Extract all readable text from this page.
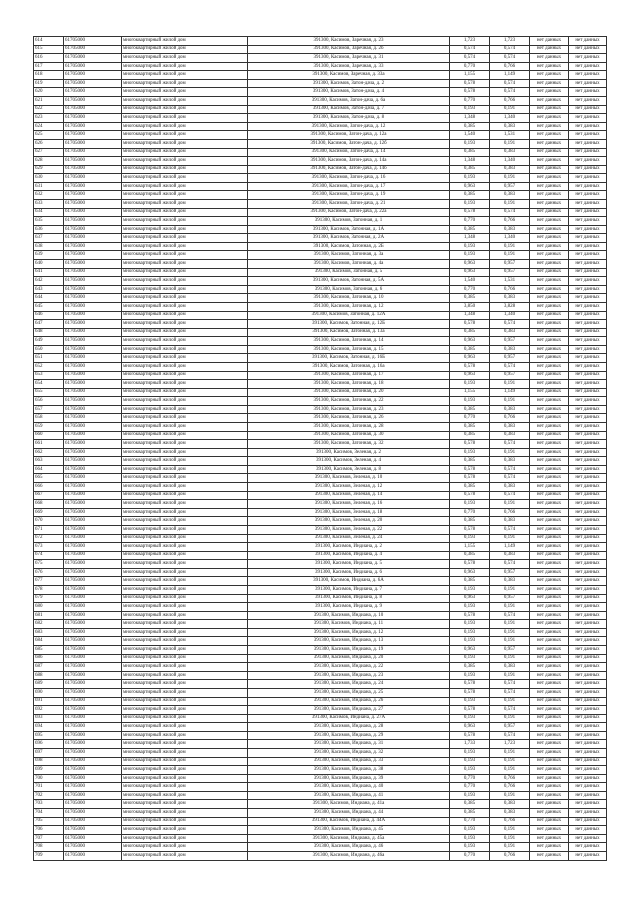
614	61705000	многоквартирный жилой дом	391300, Касимов, Заречная, д. 23	1,723	1,723	нет данных	нет данных
615	61705000	многоквартирный жилой дом	391300, Касимов, Заречная, д. 2б	0,574	0,574	нет данных	нет данных
616	61705000	многоквартирный жилой дом	391300, Касимов, Заречная, д. 31	0,574	0,574	нет данных	нет данных
617	61705000	многоквартирный жилой дом	391300, Касимов, Заречная, д. 33	0,770	0,766	нет данных	нет данных
618	61705000	многоквартирный жилой дом	391300, Касимов, Заречная, д. 33а	1,155	1,149	нет данных	нет данных
619	61705000	многоквартирный жилой дом	391300, Касимов, Затон-дача, д. 2	0,578	0,574	нет данных	нет данных
620	61705000	многоквартирный жилой дом	391300, Касимов, Затон-дача, д. 4	0,578	0,574	нет данных	нет данных
621	61705000	многоквартирный жилой дом	391300, Касимов, Затон-дача, д. 6а	0,770	0,766	нет данных	нет данных
622	61705000	многоквартирный жилой дом	391300, Касимов, Затон-дача, д. 7	0,193	0,191	нет данных	нет данных
623	61705000	многоквартирный жилой дом	391300, Касимов, Затон-дача, д. 8	1,348	1,340	нет данных	нет данных
624	61705000	многоквартирный жилой дом	391300, Касимов, Затон-дача, д. 12	0,385	0,383	нет данных	нет данных
625	61705000	многоквартирный жилой дом	391300, Касимов, Затон-дача, д. 12а	1,540	1,531	нет данных	нет данных
626	61705000	многоквартирный жилой дом	391300, Касимов, Затон-дача, д. 12б	0,193	0,191	нет данных	нет данных
627	61705000	многоквартирный жилой дом	391300, Касимов, Затон-дача, д. 14	0,385	0,383	нет данных	нет данных
628	61705000	многоквартирный жилой дом	391300, Касимов, Затон-дача, д. 14а	1,348	1,340	нет данных	нет данных
629	61705000	многоквартирный жилой дом	391300, Касимов, Затон-дача, д. 14б	0,385	0,383	нет данных	нет данных
630	61705000	многоквартирный жилой дом	391300, Касимов, Затон-дача, д. 16	0,193	0,191	нет данных	нет данных
631	61705000	многоквартирный жилой дом	391300, Касимов, Затон-дача, д. 17	0,963	0,957	нет данных	нет данных
632	61705000	многоквартирный жилой дом	391300, Касимов, Затон-дача, д. 19	0,385	0,383	нет данных	нет данных
633	61705000	многоквартирный жилой дом	391300, Касимов, Затон-дача, д. 21	0,193	0,191	нет данных	нет данных
634	61705000	многоквартирный жилой дом	391300, Касимов, Затон-дача, д. 22а	0,578	0,574	нет данных	нет данных
635	61705000	многоквартирный жилой дом	391300, Касимов, Затонная, д. 1	0,770	0,766	нет данных	нет данных
636	61705000	многоквартирный жилой дом	391300, Касимов, Затонная, д. 1А	0,385	0,383	нет данных	нет данных
637	61705000	многоквартирный жилой дом	391300, Касимов, Затонная, д. 2А	1,348	1,340	нет данных	нет данных
638	61705000	многоквартирный жилой дом	391300, Касимов, Затонная, д. 2Б	0,193	0,191	нет данных	нет данных
639	61705000	многоквартирный жилой дом	391300, Касимов, Затонная, д. 3а	0,193	0,191	нет данных	нет данных
640	61705000	многоквартирный жилой дом	391300, Касимов, Затонная, д. 4а	0,963	0,957	нет данных	нет данных
641	61705000	многоквартирный жилой дом	391300, Касимов, Затонная, д. 5	0,963	0,957	нет данных	нет данных
642	61705000	многоквартирный жилой дом	391300, Касимов, Затонная, д. 5А	1,540	1,531	нет данных	нет данных
643	61705000	многоквартирный жилой дом	391300, Касимов, Затонная, д. 6	0,770	0,766	нет данных	нет данных
644	61705000	многоквартирный жилой дом	391300, Касимов, Затонная, д. 10	0,385	0,383	нет данных	нет данных
645	61705000	многоквартирный жилой дом	391300, Касимов, Затонная, д. 12	3,850	3,828	нет данных	нет данных
646	61705000	многоквартирный жилой дом	391300, Касимов, Затонная, д. 12А	1,348	1,340	нет данных	нет данных
647	61705000	многоквартирный жилой дом	391300, Касимов, Затонная, д. 12Б	0,578	0,574	нет данных	нет данных
648	61705000	многоквартирный жилой дом	391300, Касимов, Затонная, д. 13а	0,385	0,383	нет данных	нет данных
649	61705000	многоквартирный жилой дом	391300, Касимов, Затонная, д. 14	0,963	0,957	нет данных	нет данных
650	61705000	многоквартирный жилой дом	391300, Касимов, Затонная, д. 15	0,385	0,383	нет данных	нет данных
651	61705000	многоквартирный жилой дом	391300, Касимов, Затонная, д. 16Б	0,963	0,957	нет данных	нет данных
652	61705000	многоквартирный жилой дом	391300, Касимов, Затонная, д. 16а	0,578	0,574	нет данных	нет данных
653	61705000	многоквартирный жилой дом	391300, Касимов, Затонная, д. 17	0,963	0,957	нет данных	нет данных
654	61705000	многоквартирный жилой дом	391300, Касимов, Затонная, д. 18	0,193	0,191	нет данных	нет данных
655	61705000	многоквартирный жилой дом	391300, Касимов, Затонная, д. 20	1,155	1,149	нет данных	нет данных
656	61705000	многоквартирный жилой дом	391300, Касимов, Затонная, д. 22	0,193	0,191	нет данных	нет данных
657	61705000	многоквартирный жилой дом	391300, Касимов, Затонная, д. 23	0,385	0,383	нет данных	нет данных
658	61705000	многоквартирный жилой дом	391300, Касимов, Затонная, д. 26	0,770	0,766	нет данных	нет данных
659	61705000	многоквартирный жилой дом	391300, Касимов, Затонная, д. 28	0,385	0,383	нет данных	нет данных
660	61705000	многоквартирный жилой дом	391300, Касимов, Затонная, д. 30	0,385	0,383	нет данных	нет данных
661	61705000	многоквартирный жилой дом	391300, Касимов, Затонная, д. 32	0,578	0,574	нет данных	нет данных
662	61705000	многоквартирный жилой дом	391300, Касимов, Зеленая, д. 2	0,193	0,191	нет данных	нет данных
663	61705000	многоквартирный жилой дом	391300, Касимов, Зеленая, д. 4	0,385	0,383	нет данных	нет данных
664	61705000	многоквартирный жилой дом	391300, Касимов, Зеленая, д. 8	0,578	0,574	нет данных	нет данных
665	61705000	многоквартирный жилой дом	391300, Касимов, Зеленая, д. 10	0,578	0,574	нет данных	нет данных
666	61705000	многоквартирный жилой дом	391300, Касимов, Зеленая, д. 12	0,385	0,383	нет данных	нет данных
667	61705000	многоквартирный жилой дом	391300, Касимов, Зеленая, д. 14	0,578	0,574	нет данных	нет данных
668	61705000	многоквартирный жилой дом	391300, Касимов, Зеленая, д. 16	0,193	0,191	нет данных	нет данных
669	61705000	многоквартирный жилой дом	391300, Касимов, Зеленая, д. 18	0,770	0,766	нет данных	нет данных
670	61705000	многоквартирный жилой дом	391300, Касимов, Зеленая, д. 20	0,385	0,383	нет данных	нет данных
671	61705000	многоквартирный жилой дом	391300, Касимов, Зеленая, д. 22	0,578	0,574	нет данных	нет данных
672	61705000	многоквартирный жилой дом	391300, Касимов, Зеленая, д. 24	0,193	0,191	нет данных	нет данных
673	61705000	многоквартирный жилой дом	391300, Касимов, Индиана, д. 2	1,155	1,149	нет данных	нет данных
674	61705000	многоквартирный жилой дом	391300, Касимов, Индиана, д. 4	0,385	0,383	нет данных	нет данных
675	61705000	многоквартирный жилой дом	391300, Касимов, Индиана, д. 5	0,578	0,574	нет данных	нет данных
676	61705000	многоквартирный жилой дом	391300, Касимов, Индиана, д. 6	0,963	0,957	нет данных	нет данных
677	61705000	многоквартирный жилой дом	391300, Касимов, Индиана, д. 6А	0,385	0,383	нет данных	нет данных
678	61705000	многоквартирный жилой дом	391300, Касимов, Индиана, д. 7	0,193	0,191	нет данных	нет данных
679	61705000	многоквартирный жилой дом	391300, Касимов, Индиана, д. 8	0,963	0,957	нет данных	нет данных
680	61705000	многоквартирный жилой дом	391300, Касимов, Индиана, д. 9	0,193	0,191	нет данных	нет данных
681	61705000	многоквартирный жилой дом	391300, Касимов, Индиана, д. 10	0,578	0,574	нет данных	нет данных
682	61705000	многоквартирный жилой дом	391300, Касимов, Индиана, д. 11	0,193	0,191	нет данных	нет данных
683	61705000	многоквартирный жилой дом	391300, Касимов, Индиана, д. 12	0,193	0,191	нет данных	нет данных
684	61705000	многоквартирный жилой дом	391300, Касимов, Индиана, д. 13	0,193	0,191	нет данных	нет данных
685	61705000	многоквартирный жилой дом	391300, Касимов, Индиана, д. 19	0,963	0,957	нет данных	нет данных
686	61705000	многоквартирный жилой дом	391300, Касимов, Индиана, д. 20	0,193	0,191	нет данных	нет данных
687	61705000	многоквартирный жилой дом	391300, Касимов, Индиана, д. 22	0,385	0,383	нет данных	нет данных
688	61705000	многоквартирный жилой дом	391300, Касимов, Индиана, д. 23	0,193	0,191	нет данных	нет данных
689	61705000	многоквартирный жилой дом	391300, Касимов, Индиана, д. 24	0,578	0,574	нет данных	нет данных
690	61705000	многоквартирный жилой дом	391300, Касимов, Индиана, д. 25	0,578	0,574	нет данных	нет данных
691	61705000	многоквартирный жилой дом	391300, Касимов, Индиана, д. 26	0,193	0,191	нет данных	нет данных
692	61705000	многоквартирный жилой дом	391300, Касимов, Индиана, д. 27	0,578	0,574	нет данных	нет данных
693	61705000	многоквартирный жилой дом	391300, Касимов, Индиана, д. 27А	0,193	0,191	нет данных	нет данных
694	61705000	многоквартирный жилой дом	391300, Касимов, Индиана, д. 28	0,963	0,957	нет данных	нет данных
695	61705000	многоквартирный жилой дом	391300, Касимов, Индиана, д. 29	0,578	0,574	нет данных	нет данных
696	61705000	многоквартирный жилой дом	391300, Касимов, Индиана, д. 31	1,733	1,723	нет данных	нет данных
697	61705000	многоквартирный жилой дом	391300, Касимов, Индиана, д. 32	0,193	0,191	нет данных	нет данных
698	61705000	многоквартирный жилой дом	391300, Касимов, Индиана, д. 33	0,193	0,191	нет данных	нет данных
699	61705000	многоквартирный жилой дом	391300, Касимов, Индиана, д. 38	0,193	0,191	нет данных	нет данных
700	61705000	многоквартирный жилой дом	391300, Касимов, Индиана, д. 39	0,770	0,766	нет данных	нет данных
701	61705000	многоквартирный жилой дом	391300, Касимов, Индиана, д. 40	0,770	0,766	нет данных	нет данных
702	61705000	многоквартирный жилой дом	391300, Касимов, Индиана, д. 41	0,193	0,191	нет данных	нет данных
703	61705000	многоквартирный жилой дом	391300, Касимов, Индиана, д. 41а	0,385	0,383	нет данных	нет данных
704	61705000	многоквартирный жилой дом	391300, Касимов, Индиана, д. 44	0,385	0,383	нет данных	нет данных
705	61705000	многоквартирный жилой дом	391300, Касимов, Индиана, д. 44А	0,770	0,766	нет данных	нет данных
706	61705000	многоквартирный жилой дом	391300, Касимов, Индиана, д. 45	0,193	0,191	нет данных	нет данных
707	61705000	многоквартирный жилой дом	391300, Касимов, Индиана, д. 45а	0,193	0,191	нет данных	нет данных
708	61705000	многоквартирный жилой дом	391300, Касимов, Индиана, д. 46	0,193	0,191	нет данных	нет данных
709	61705000	многоквартирный жилой дом	391300, Касимов, Индиана, д. 46а	0,770	0,766	нет данных	нет данных
